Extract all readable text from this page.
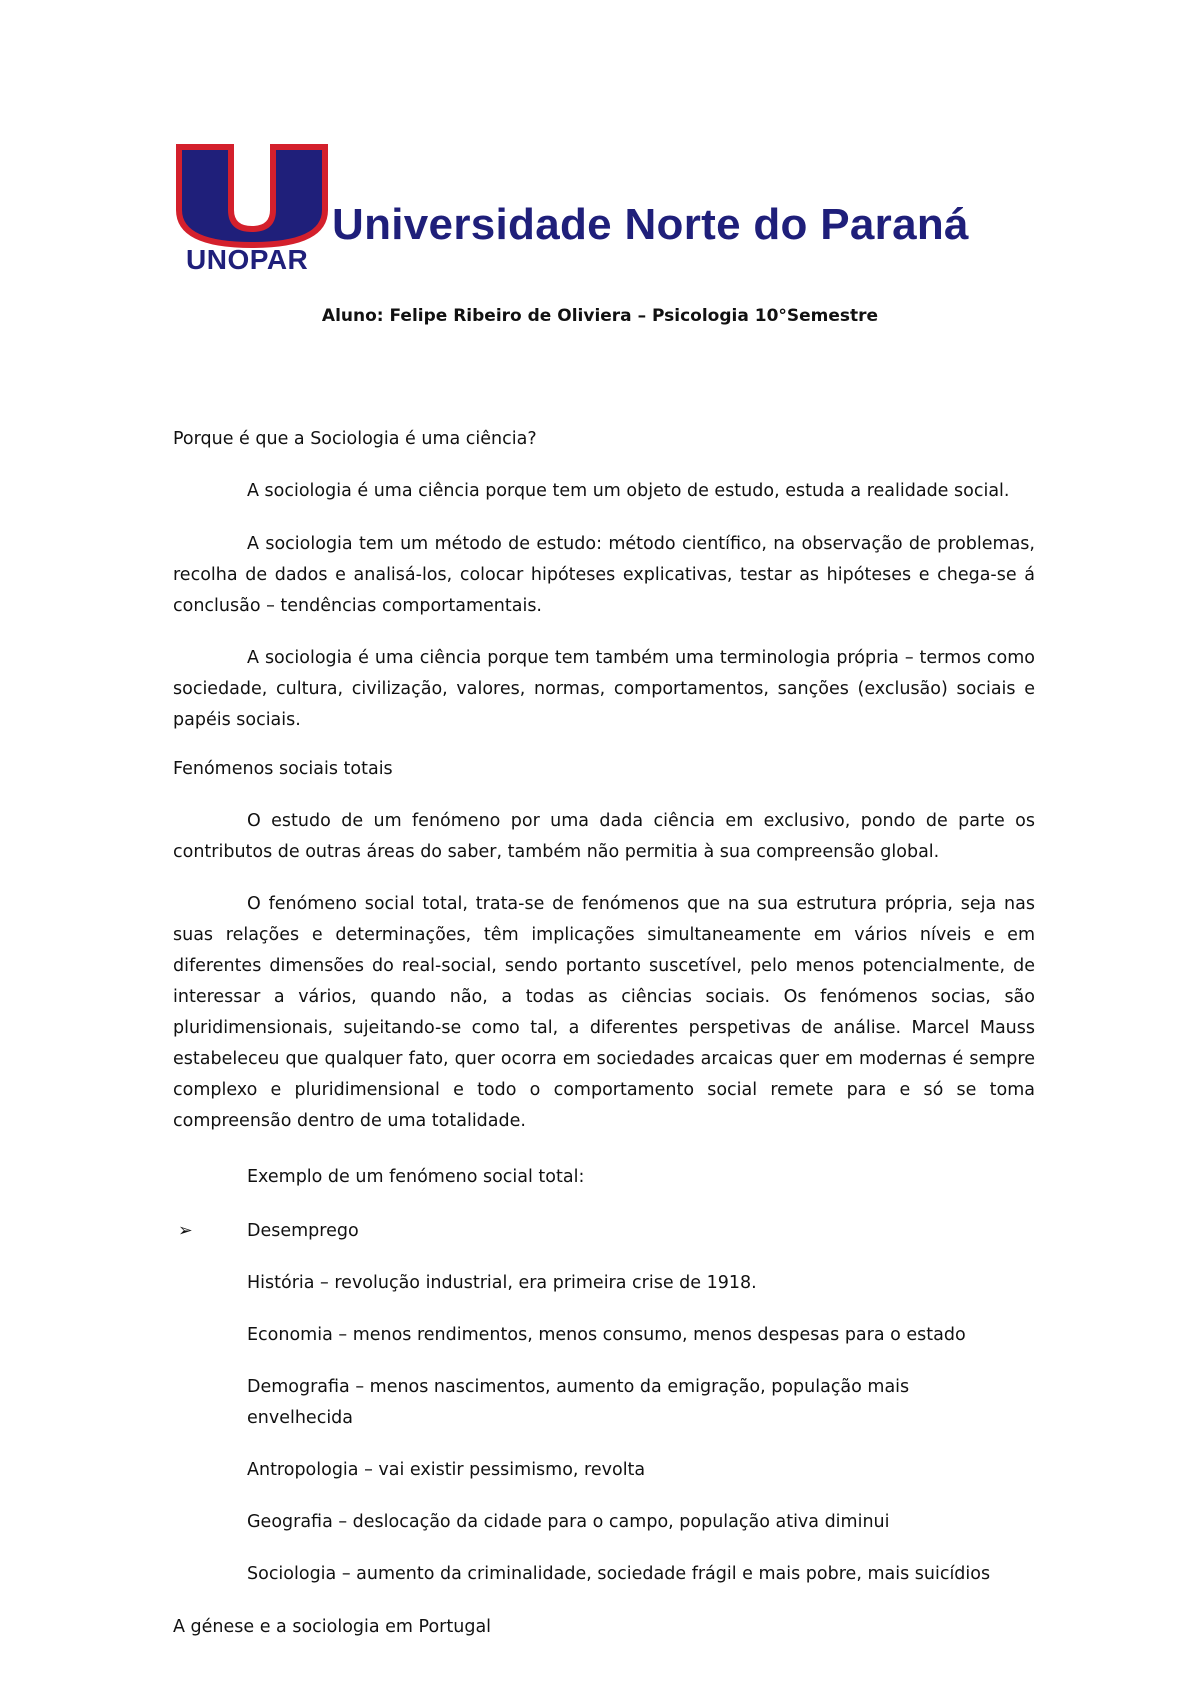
UNOPAR
Universidade Norte do Paraná
Aluno: Felipe Ribeiro de Oliviera – Psicologia 10°Semestre
Porque é que a Sociologia é uma ciência?
A sociologia é uma ciência porque tem um objeto de estudo, estuda a realidade social.
A sociologia tem um método de estudo: método científico, na observação de problemas, recolha de dados e analisá-los, colocar hipóteses explicativas, testar as hipóteses e chega-se á conclusão – tendências comportamentais.
A sociologia é uma ciência porque tem também uma terminologia própria – termos como sociedade, cultura, civilização, valores, normas, comportamentos, sanções (exclusão) sociais e papéis sociais.
Fenómenos sociais totais
O estudo de um fenómeno por uma dada ciência em exclusivo, pondo de parte os contributos de outras áreas do saber, também não permitia à sua compreensão global.
O fenómeno social total, trata-se de fenómenos que na sua estrutura própria, seja nas suas relações e determinações, têm implicações simultaneamente em vários níveis e em diferentes dimensões do real-social, sendo portanto suscetível, pelo menos potencialmente, de interessar a vários, quando não, a todas as ciências sociais. Os fenómenos socias, são pluridimensionais, sujeitando-se como tal, a diferentes perspetivas de análise. Marcel Mauss estabeleceu que qualquer fato, quer ocorra em sociedades arcaicas quer em modernas é sempre complexo e pluridimensional e todo o comportamento social remete para e só se toma compreensão dentro de uma totalidade.
Exemplo de um fenómeno social total:
➢	Desemprego
História – revolução industrial, era primeira crise de 1918.
Economia – menos rendimentos, menos consumo, menos despesas para o estado
Demografia – menos nascimentos, aumento da emigração, população mais
envelhecida
Antropologia – vai existir pessimismo, revolta
Geografia – deslocação da cidade para o campo, população ativa diminui
Sociologia – aumento da criminalidade, sociedade frágil e mais pobre, mais suicídios
A génese e a sociologia em Portugal
